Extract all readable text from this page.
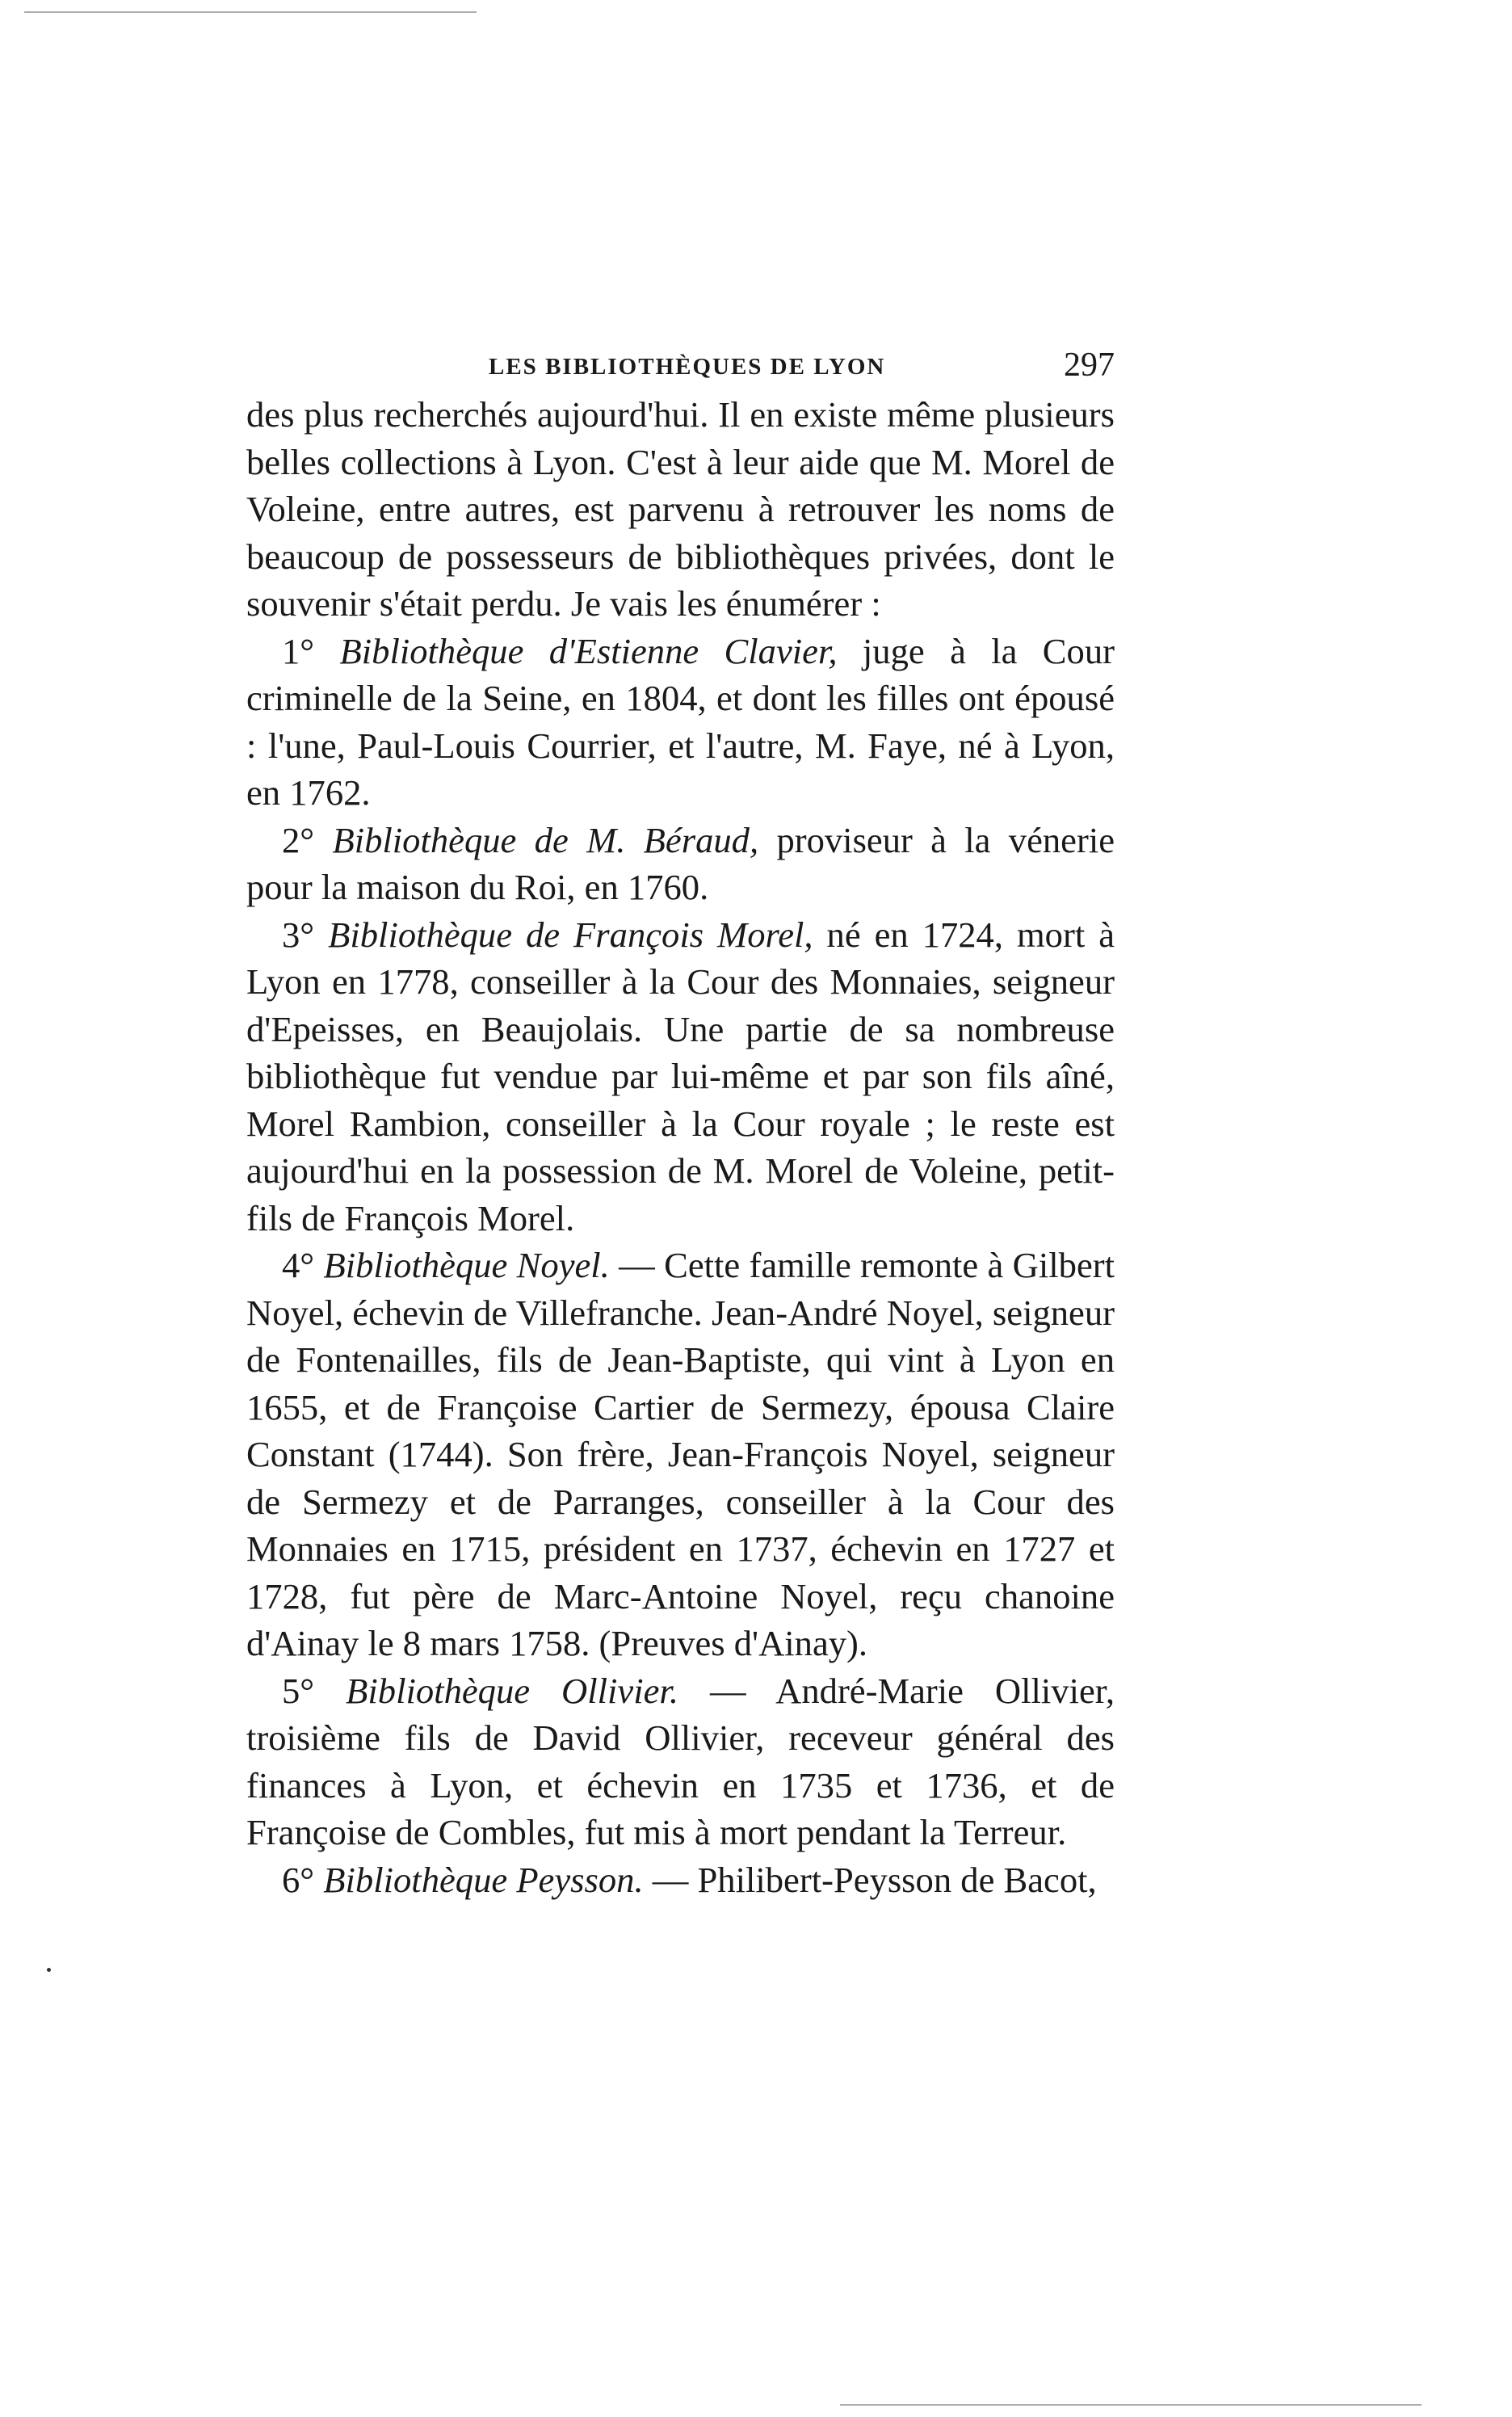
LES BIBLIOTHÈQUES DE LYON	297

des plus recherchés aujourd'hui. Il en existe même plusieurs belles collections à Lyon. C'est à leur aide que M. Morel de Voleine, entre autres, est parvenu à retrouver les noms de beaucoup de possesseurs de bibliothèques privées, dont le souvenir s'était perdu. Je vais les énumérer :

1° Bibliothèque d'Estienne Clavier, juge à la Cour criminelle de la Seine, en 1804, et dont les filles ont épousé : l'une, Paul-Louis Courrier, et l'autre, M. Faye, né à Lyon, en 1762.

2° Bibliothèque de M. Béraud, proviseur à la vénerie pour la maison du Roi, en 1760.

3° Bibliothèque de François Morel, né en 1724, mort à Lyon en 1778, conseiller à la Cour des Monnaies, seigneur d'Epeisses, en Beaujolais. Une partie de sa nombreuse bibliothèque fut vendue par lui-même et par son fils aîné, Morel Rambion, conseiller à la Cour royale ; le reste est aujourd'hui en la possession de M. Morel de Voleine, petit-fils de François Morel.

4° Bibliothèque Noyel. — Cette famille remonte à Gilbert Noyel, échevin de Villefranche. Jean-André Noyel, seigneur de Fontenailles, fils de Jean-Baptiste, qui vint à Lyon en 1655, et de Françoise Cartier de Sermezy, épousa Claire Constant (1744). Son frère, Jean-François Noyel, seigneur de Sermezy et de Parranges, conseiller à la Cour des Monnaies en 1715, président en 1737, échevin en 1727 et 1728, fut père de Marc-Antoine Noyel, reçu chanoine d'Ainay le 8 mars 1758. (Preuves d'Ainay).

5° Bibliothèque Ollivier. — André-Marie Ollivier, troisième fils de David Ollivier, receveur général des finances à Lyon, et échevin en 1735 et 1736, et de Françoise de Combles, fut mis à mort pendant la Terreur.

6° Bibliothèque Peysson. — Philibert-Peysson de Bacot,
